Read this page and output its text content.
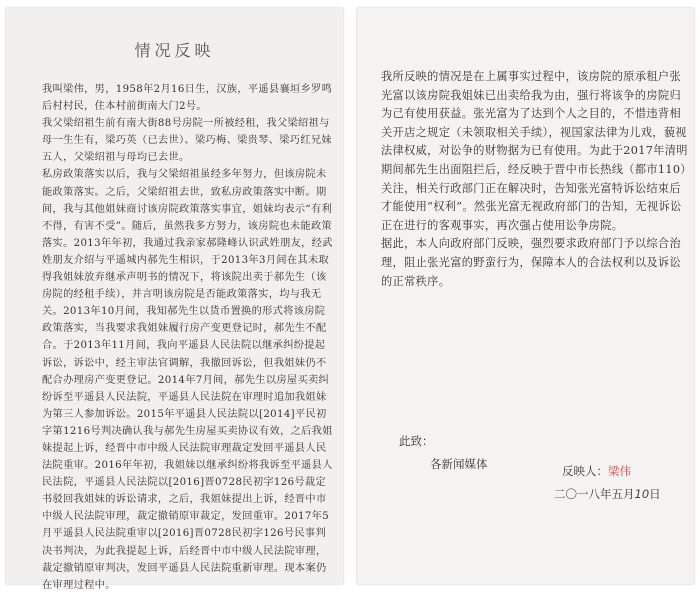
情况反映

我叫梁伟，男，1958年2月16日生，汉族，平遥县襄垣乡罗鸣后村村民，住本村前街南大门2号。

我父梁绍祖生前有南大街88号房院一所被经租，我父梁绍祖与母一生生有，梁巧英（已去世）、梁巧梅、梁贵琴、梁巧红兄妹五人，父梁绍祖与母均已去世。

私房政策落实以后，我与父梁绍祖虽经多年努力，但该房院未能政策落实。之后，父梁绍祖去世，致私房政策落实中断。期间，我与其他姐妹商讨该房院政策落实事宜，姐妹均表示“有利不得，有害不受”。随后，虽然我多方努力，该房院也未能政策落实。2013年年初，我通过我亲家郝隆峰认识武姓朋友，经武姓朋友介绍与平遥城内郝先生相识，于2013年3月间在其未取得我姐妹放弃继承声明书的情况下，将该院出卖于郝先生（该房院的经租手续），并言明该房院是否能政策落实，均与我无关。2013年10月间，我知郝先生以货币置换的形式将该房院政策落实，当我要求我姐妹履行房产变更登记时，郝先生不配合。于2013年11月间，我向平遥县人民法院以继承纠纷提起诉讼，诉讼中，经主审法官调解，我撤回诉讼，但我姐妹仍不配合办理房产变更登记。2014年7月间，郝先生以房屋买卖纠纷诉至平遥县人民法院，平遥县人民法院在审理时追加我姐妹为第三人参加诉讼。2015年平遥县人民法院以[2014]平民初字第1216号判决确认我与郝先生房屋买卖协议有效，之后我姐妹提起上诉，经晋中市中级人民法院审理裁定发回平遥县人民法院重审。2016年年初，我姐妹以继承纠纷将我诉至平遥县人民法院，平遥县人民法院以[2016]晋0728民初字126号裁定书驳回我姐妹的诉讼请求，之后，我姐妹提出上诉，经晋中市中级人民法院审理，裁定撤销原审裁定，发回重审。2017年5月平遥县人民法院重审以[2016]晋0728民初字126号民事判决书判决，为此我提起上诉，后经晋中市中级人民法院审理，裁定撤销原审判决，发回平遥县人民法院重新审理。现本案仍在审理过程中。

我所反映的情况是在上属事实过程中，该房院的原承租户张光富以该房院我姐妹已出卖给我为由，强行将该争的房院归为己有使用获益。张光富为了达到个人之目的，不惜违背相关开店之规定（未领取相关手续），视国家法律为儿戏，藐视法律权威，对讼争的财物据为已有使用。为此于2017年清明期间郝先生出面阻拦后，经反映于晋中市长热线（都市110）关注，相关行政部门正在解决时，告知张光富特诉讼结束后才能使用“权利”。然张光富无视政府部门的告知，无视诉讼正在进行的客观事实，再次强占使用讼争房院。

据此，本人向政府部门反映，强烈要求政府部门予以综合治理，阻止张光富的野蛮行为，保障本人的合法权利以及诉讼的正常秩序。

此致：
各新闻媒体	反映人：梁伟
二〇一八年五月10日
